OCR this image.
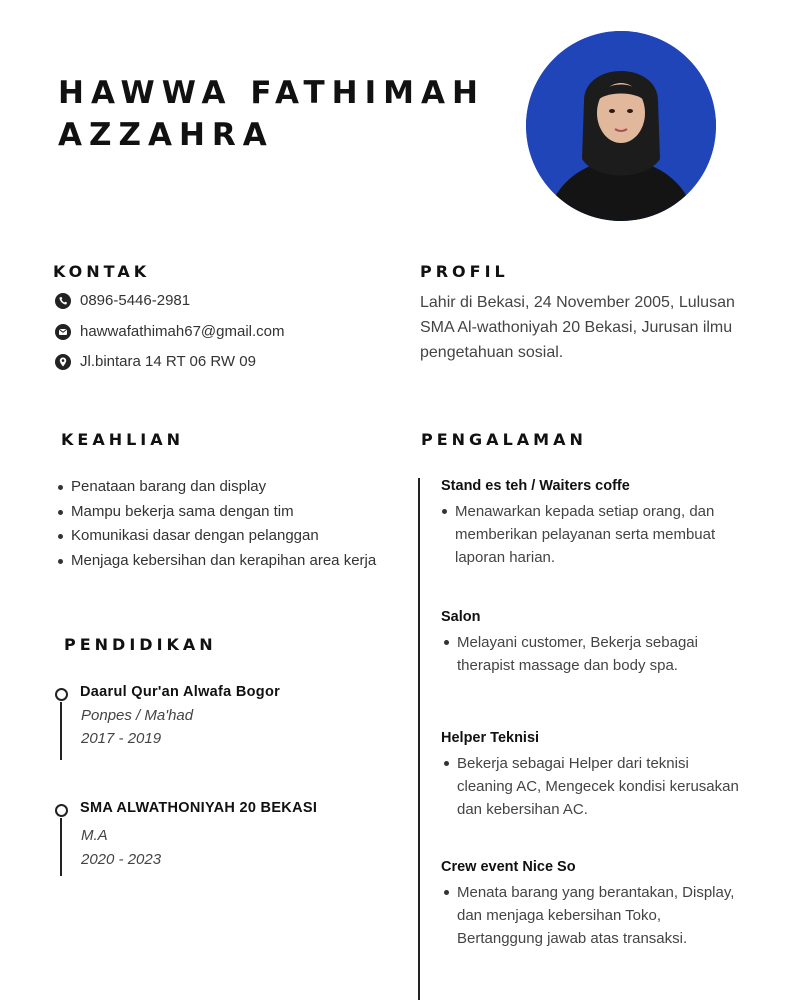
HAWWA FATHIMAH
AZZAHRA
KONTAK
0896-5446-2981
hawwafathimah67@gmail.com
Jl.bintara 14 RT 06 RW 09
PROFIL
Lahir di Bekasi, 24 November 2005, Lulusan SMA Al-wathoniyah 20 Bekasi, Jurusan ilmu pengetahuan sosial.
KEAHLIAN
Penataan barang dan display
Mampu bekerja sama dengan tim
Komunikasi dasar dengan pelanggan
Menjaga kebersihan dan kerapihan area kerja
PENDIDIKAN
Daarul Qur'an Alwafa Bogor
Ponpes / Ma'had
2017 - 2019
SMA ALWATHONIYAH 20 BEKASI
M.A
2020 - 2023
PENGALAMAN
Stand es teh / Waiters coffe
Menawarkan kepada setiap orang, dan memberikan pelayanan serta membuat laporan harian.
Salon
Melayani customer, Bekerja sebagai therapist massage dan body spa.
Helper Teknisi
Bekerja sebagai Helper dari teknisi cleaning AC, Mengecek kondisi kerusakan dan kebersihan AC.
Crew event Nice So
Menata barang yang berantakan, Display, dan menjaga kebersihan Toko, Bertanggung jawab atas transaksi.
